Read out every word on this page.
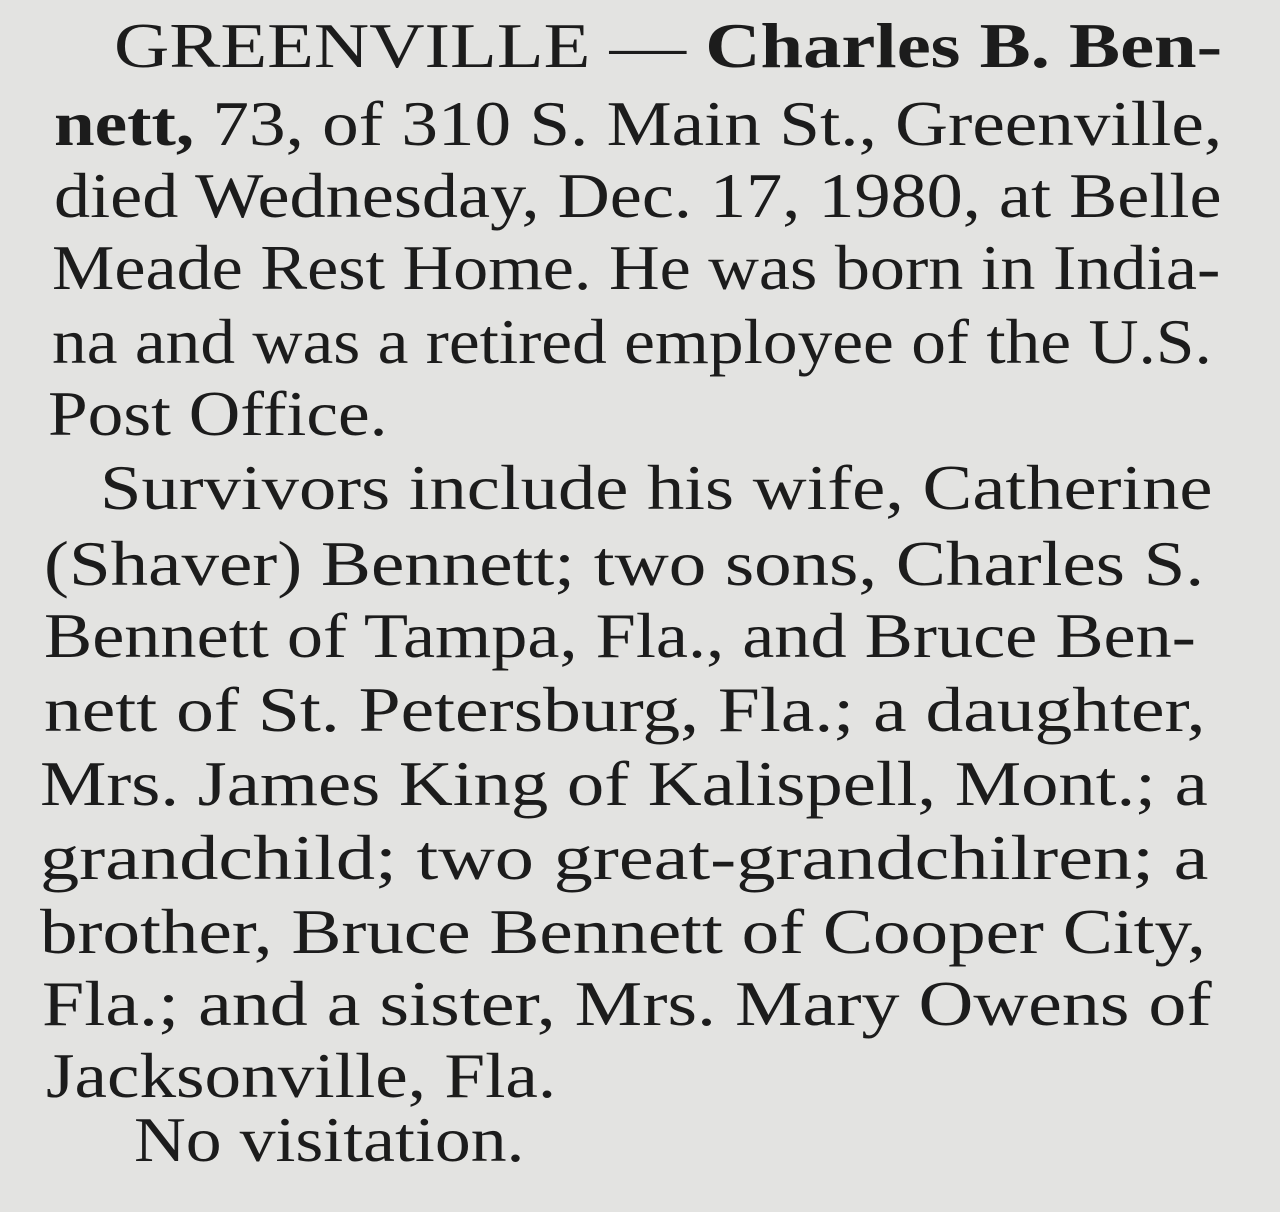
GREENVILLE — Charles B. Ben-
nett, 73, of 310 S. Main St., Greenville,
died Wednesday, Dec. 17, 1980, at Belle
Meade Rest Home. He was born in India-
na and was a retired employee of the U.S.
Post Office.
Survivors include his wife, Catherine
(Shaver) Bennett; two sons, Charles S.
Bennett of Tampa, Fla., and Bruce Ben-
nett of St. Petersburg, Fla.; a daughter,
Mrs. James King of Kalispell, Mont.; a
grandchild; two great-grandchilren; a
brother, Bruce Bennett of Cooper City,
Fla.; and a sister, Mrs. Mary Owens of
Jacksonville, Fla.
No visitation.
